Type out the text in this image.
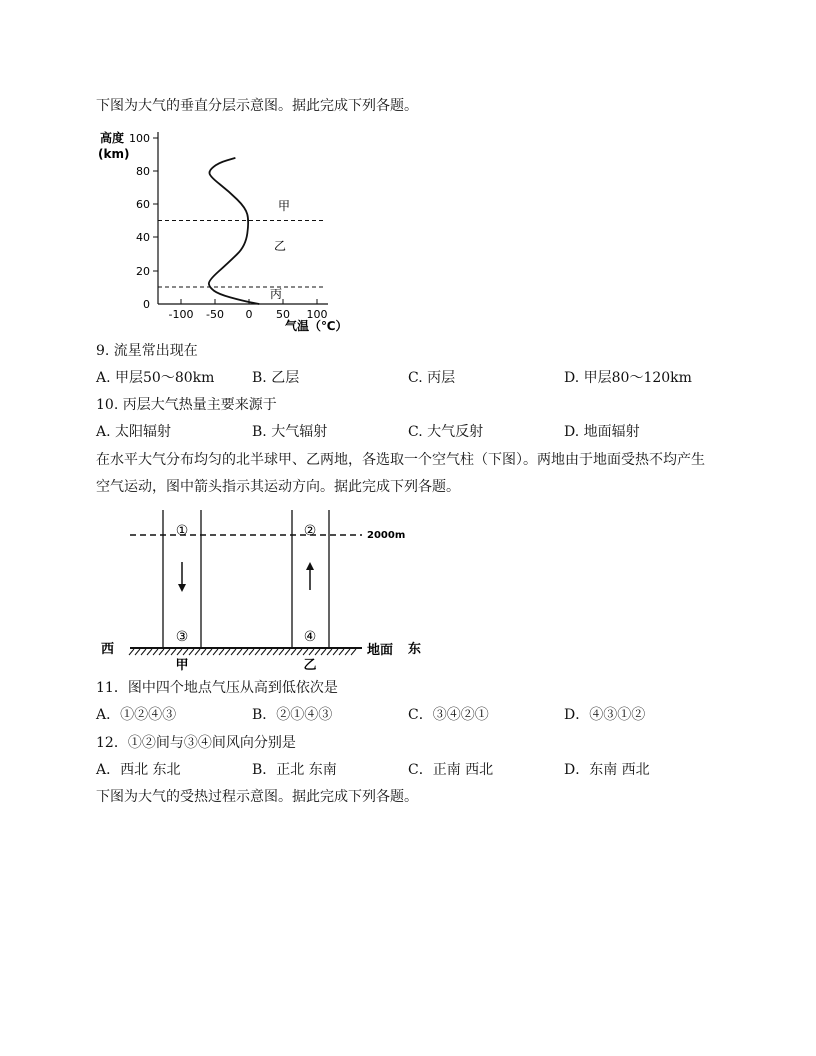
下图为大气的垂直分层示意图。据此完成下列各题。
高度
(km)
100
80
60
40
20
0
-100 -50 0 50 100
气温（℃）
甲
乙
丙
9. 流星常出现在
A. 甲层50～80km	B. 乙层	C. 丙层	D. 甲层80～120km
10. 丙层大气热量主要来源于
A. 太阳辐射	B. 大气辐射	C. 大气反射	D. 地面辐射
在水平大气分布均匀的北半球甲、乙两地，各选取一个空气柱（下图）。两地由于地面受热不均产生
空气运动，图中箭头指示其运动方向。据此完成下列各题。
2000m
①	②
③	④
西	地面 东
甲	乙
11．图中四个地点气压从高到低依次是
A．①②④③	B．②①④③	C．③④②①	D．④③①②
12．①②间与③④间风向分别是
A．西北 东北	B．正北 东南	C．正南 西北	D．东南 西北
下图为大气的受热过程示意图。据此完成下列各题。
